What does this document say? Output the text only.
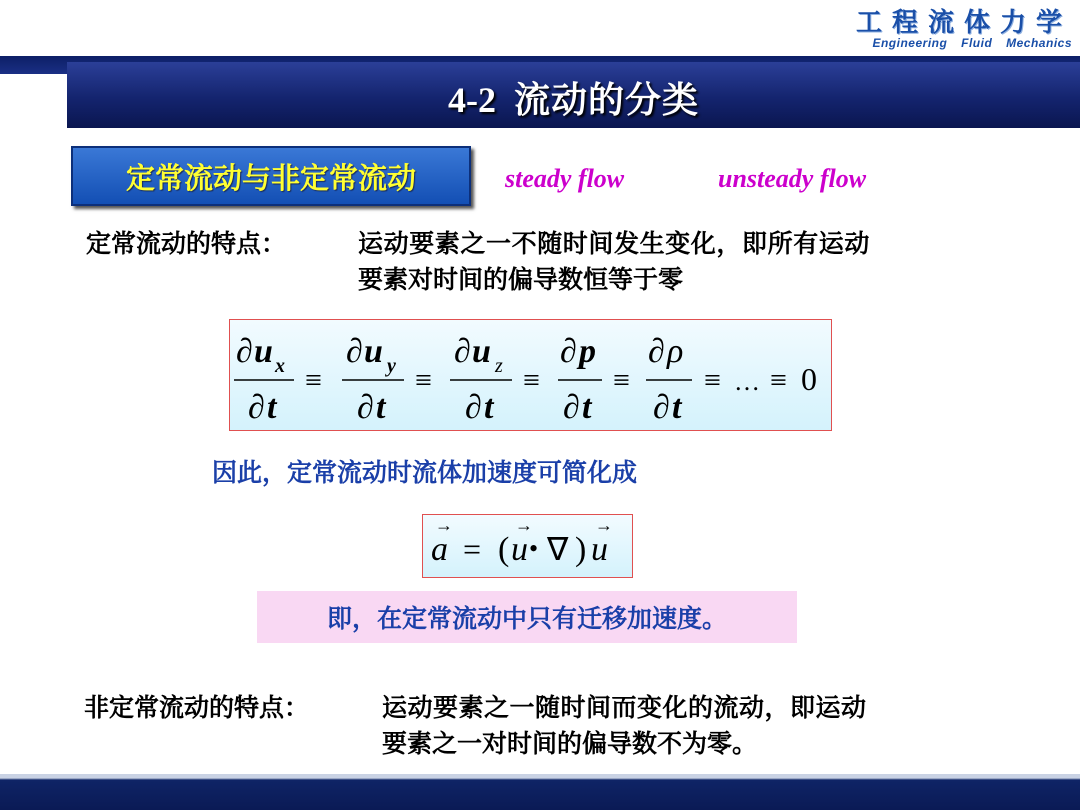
工程流体力学
Engineering Fluid Mechanics
4-2 流动的分类
定常流动与非定常流动	steady flow	unsteady flow
定常流动的特点：	运动要素之一不随时间发生变化，即所有运动
要素对时间的偏导数恒等于零
∂ u x
∂ t
≡
∂ u y
∂ t
≡
∂ u z
∂ t
≡
∂ p
∂ t
≡
∂ ρ
∂ t
≡ … ≡ 0
因此，定常流动时流体加速度可简化成
→
a = (
→
u • ∇ )
→
u
即，在定常流动中只有迁移加速度。
非定常流动的特点：	运动要素之一随时间而变化的流动，即运动
要素之一对时间的偏导数不为零。
